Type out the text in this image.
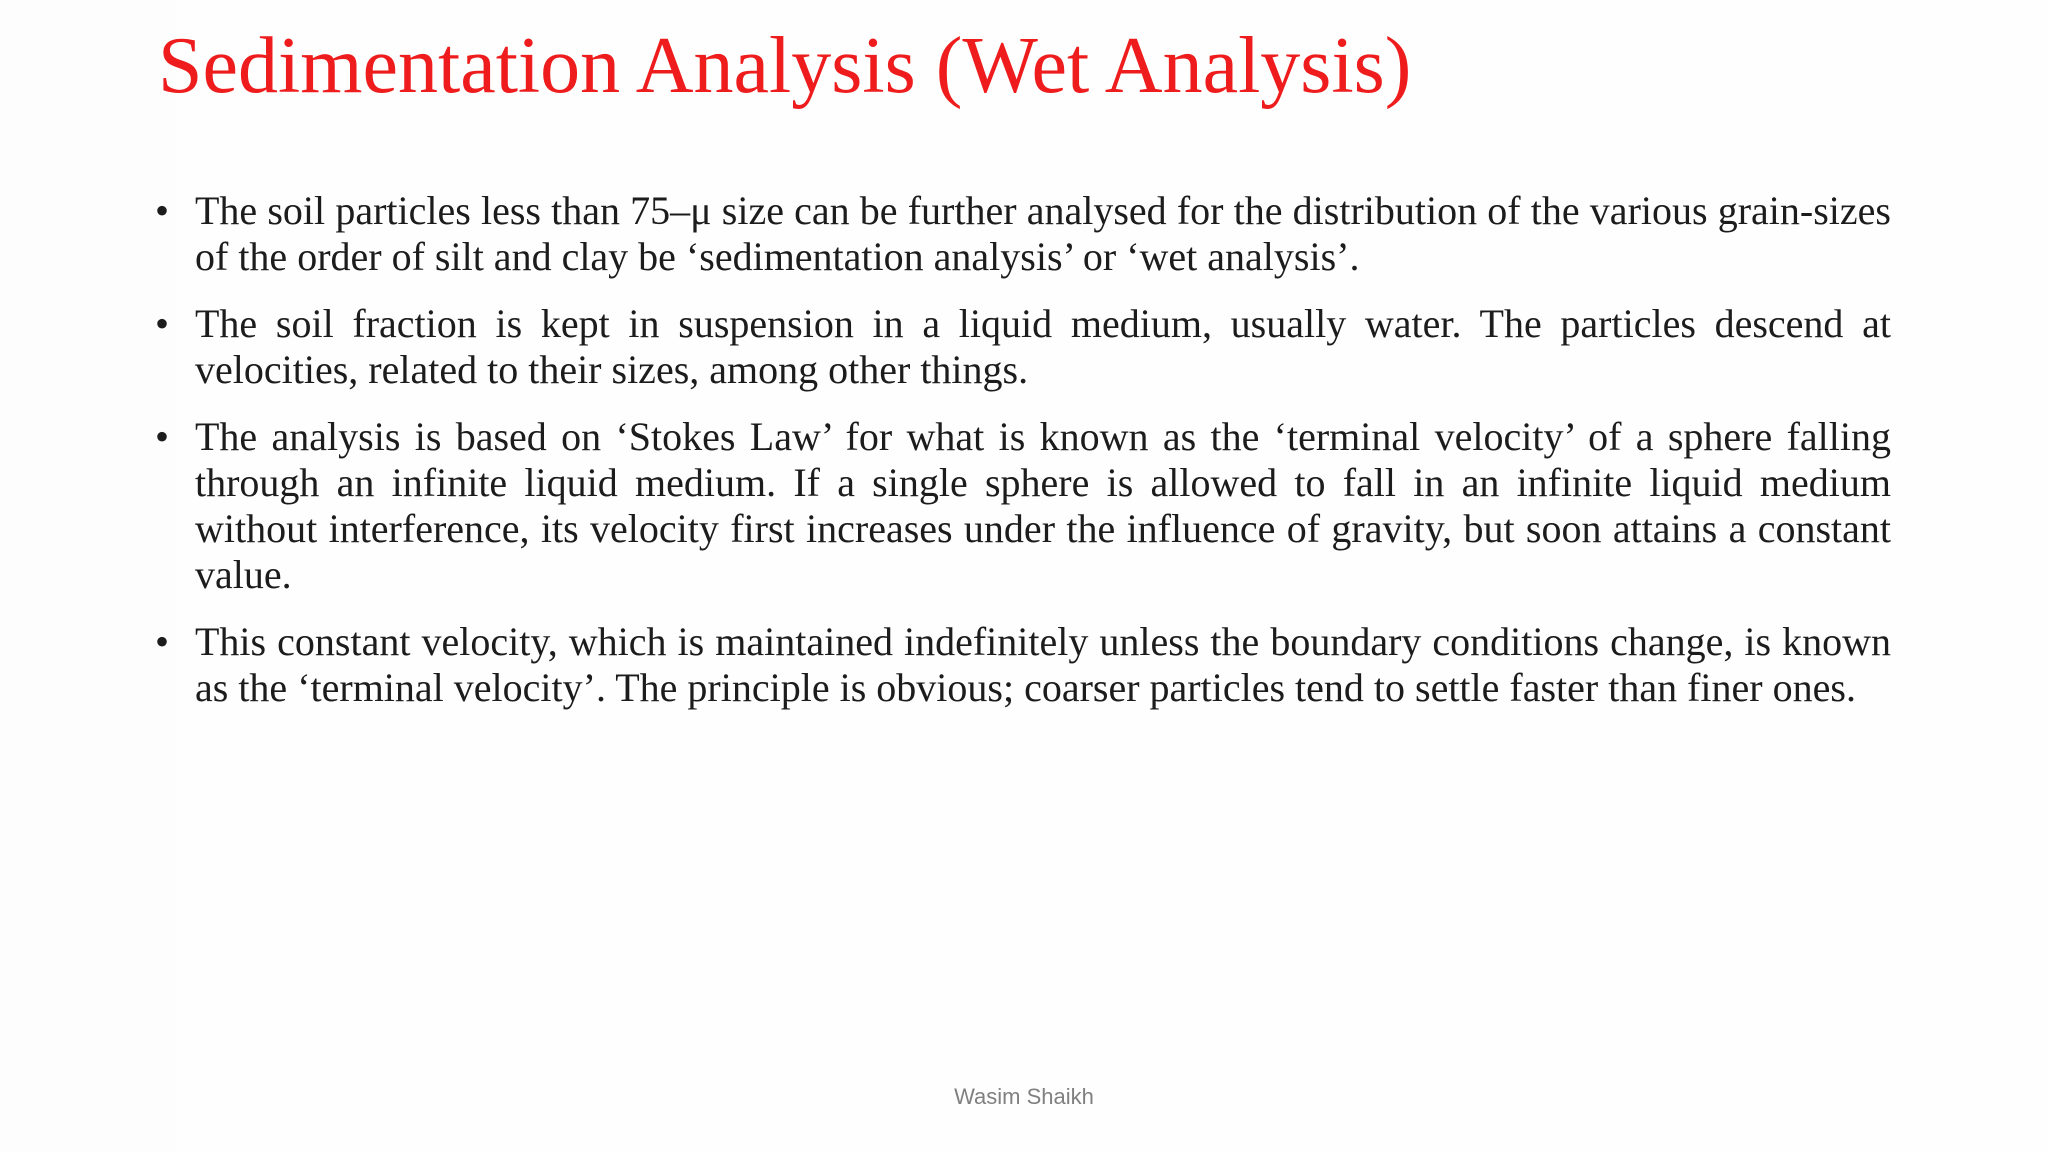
Sedimentation Analysis (Wet Analysis)
• The soil particles less than 75–μ size can be further analysed for the distribution of the various grain-sizes of the order of silt and clay be ‘sedimentation analysis’ or ‘wet analysis’.
• The soil fraction is kept in suspension in a liquid medium, usually water. The particles descend at velocities, related to their sizes, among other things.
• The analysis is based on ‘Stokes Law’ for what is known as the ‘terminal velocity’ of a sphere falling through an infinite liquid medium. If a single sphere is allowed to fall in an infinite liquid medium without interference, its velocity first increases under the influence of gravity, but soon attains a constant value.
• This constant velocity, which is maintained indefinitely unless the boundary conditions change, is known as the ‘terminal velocity’. The principle is obvious; coarser particles tend to settle faster than finer ones.
Wasim Shaikh
